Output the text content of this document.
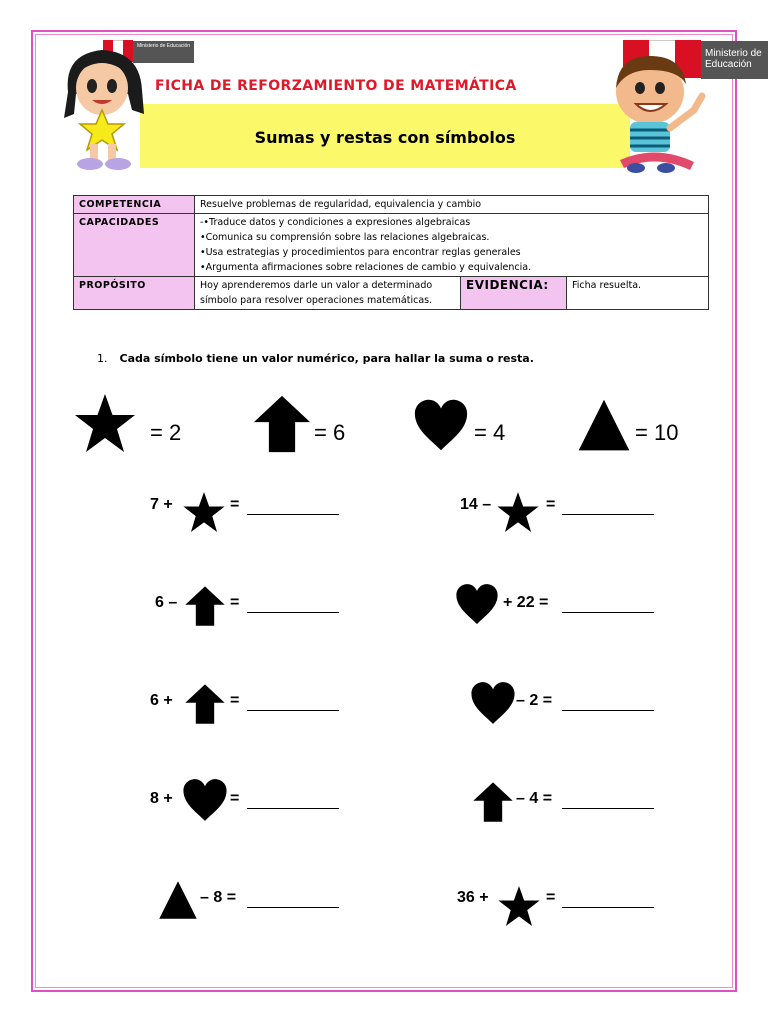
Ministerio de Educación
Ministerio de Educación
FICHA DE REFORZAMIENTO DE MATEMÁTICA
Sumas y restas con símbolos
COMPETENCIA	Resuelve problemas de regularidad, equivalencia y cambio		
CAPACIDADES	-•Traduce datos y condiciones a expresiones algebraicas
•Comunica su comprensión sobre las relaciones algebraicas.
•Usa estrategias y procedimientos para encontrar reglas generales
•Argumenta afirmaciones sobre relaciones de cambio y equivalencia.		

PROPÓSITO	Hoy aprenderemos darle un valor a determinado símbolo para resolver operaciones matemáticas.	EVIDENCIA:	Ficha resuelta.
1. Cada símbolo tiene un valor numérico, para hallar la suma o resta.
= 2	= 6	= 4	= 10
7 +	=	14 –	=
6 –	=	+ 22 =
6 +	=	– 2 =
8 +	=	– 4 =
– 8 =	36 +	=
